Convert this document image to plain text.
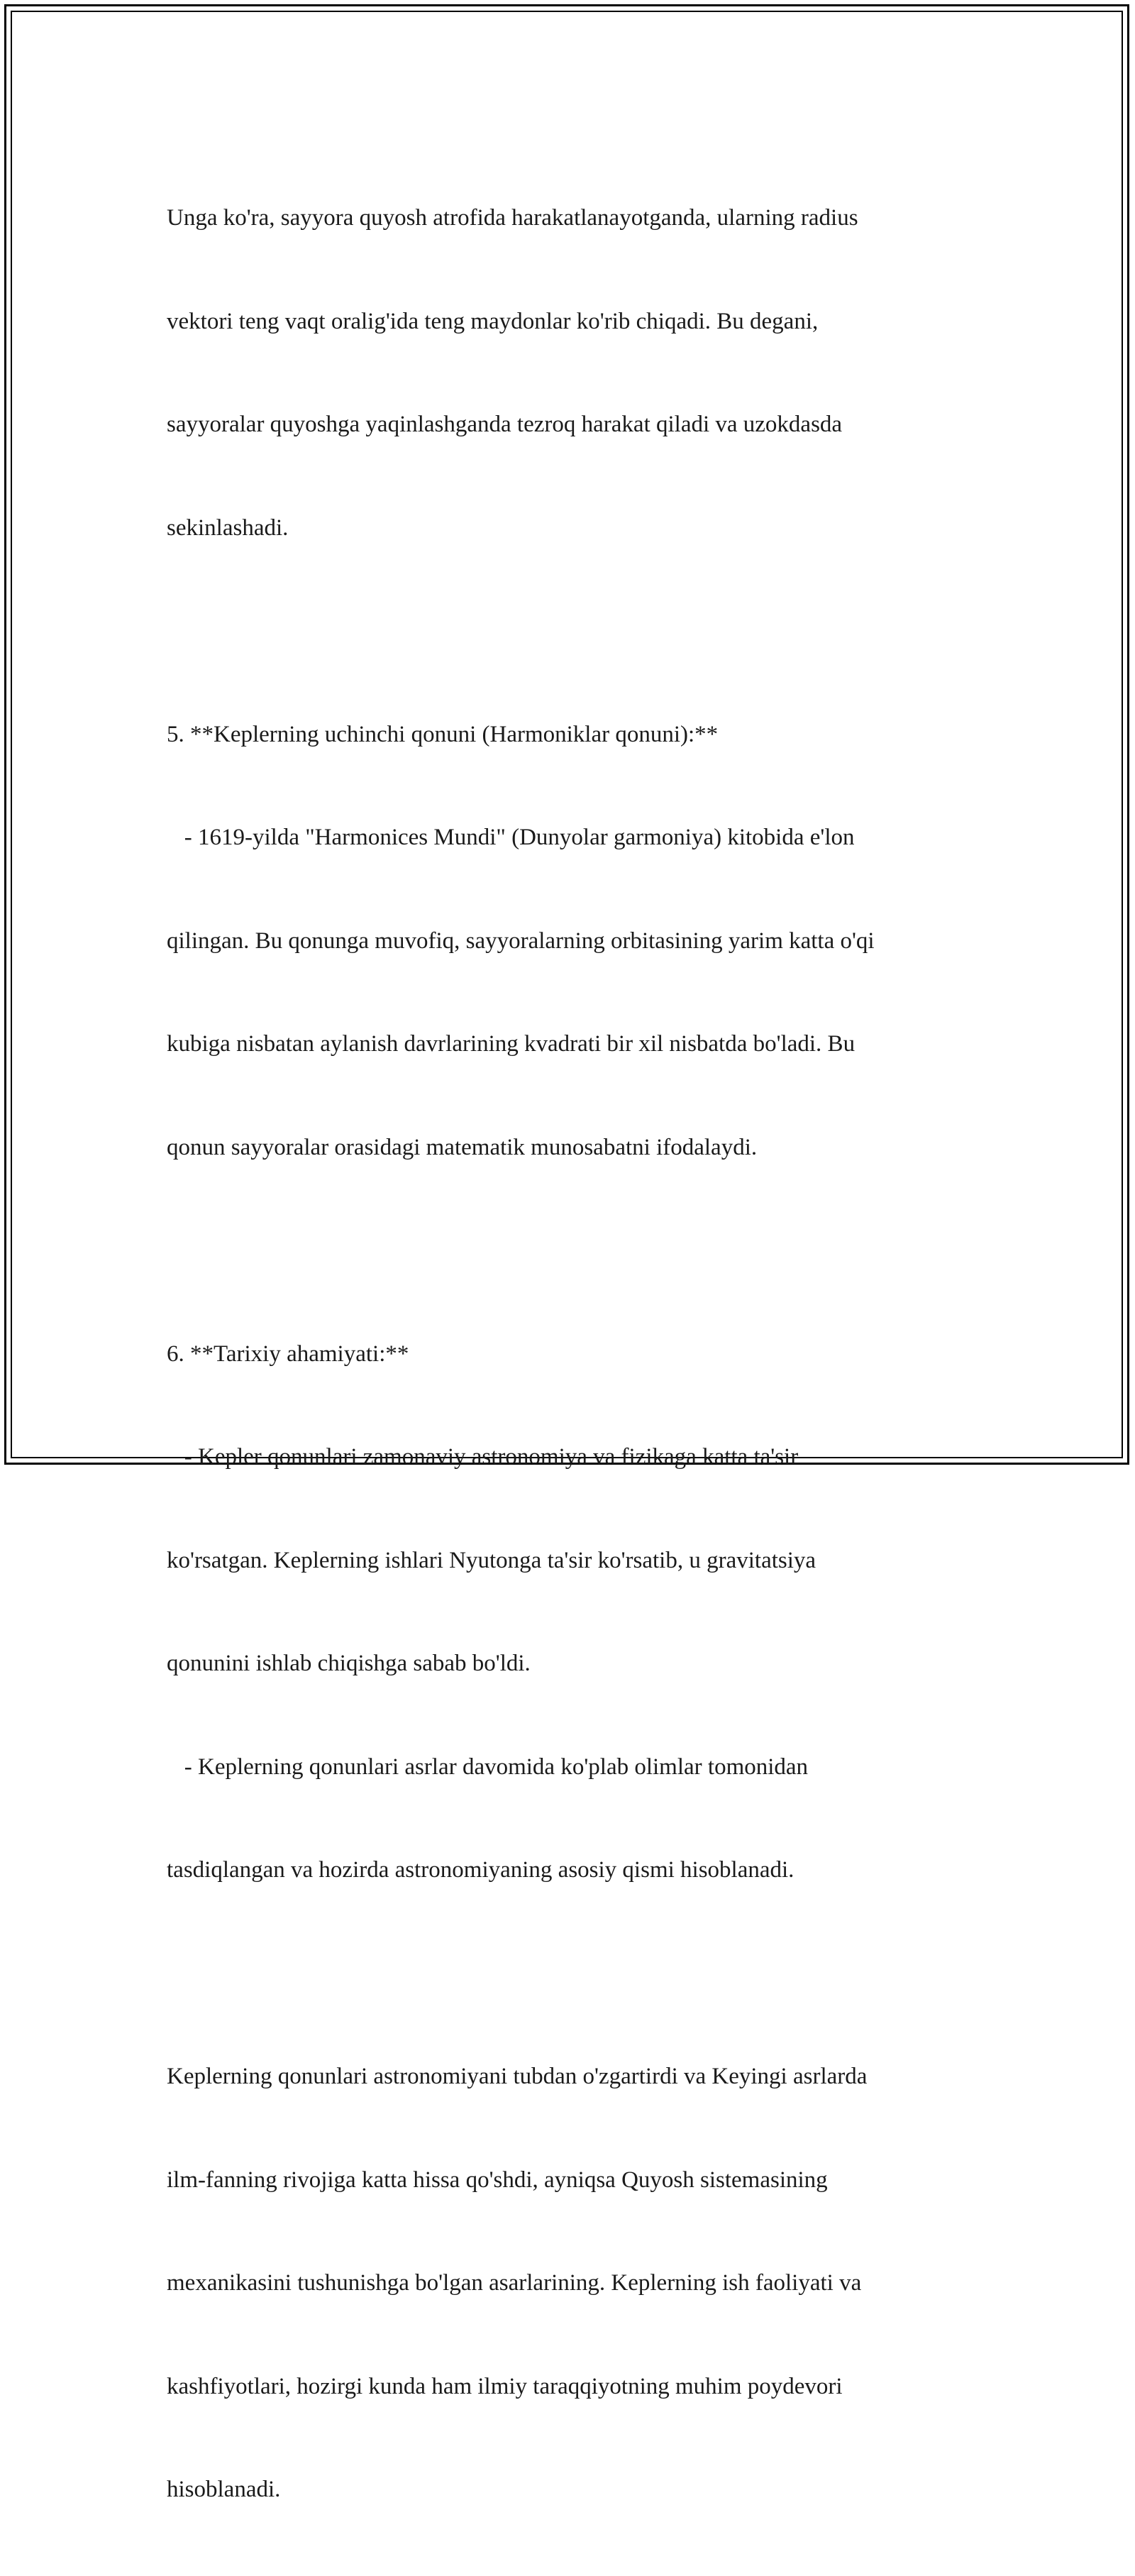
Unga ko'ra, sayyora quyosh atrofida harakatlanayotganda, ularning radius

vektori teng vaqt oralig'ida teng maydonlar ko'rib chiqadi. Bu degani,

sayyoralar quyoshga yaqinlashganda tezroq harakat qiladi va uzokdasda

sekinlashadi.

5. **Keplerning uchinchi qonuni (Harmoniklar qonuni):**

- 1619-yilda "Harmonices Mundi" (Dunyolar garmoniya) kitobida e'lon

qilingan. Bu qonunga muvofiq, sayyoralarning orbitasining yarim katta o'qi

kubiga nisbatan aylanish davrlarining kvadrati bir xil nisbatda bo'ladi. Bu

qonun sayyoralar orasidagi matematik munosabatni ifodalaydi.

6. **Tarixiy ahamiyati:**

- Kepler qonunlari zamonaviy astronomiya va fizikaga katta ta'sir

ko'rsatgan. Keplerning ishlari Nyutonga ta'sir ko'rsatib, u gravitatsiya

qonunini ishlab chiqishga sabab bo'ldi.

- Keplerning qonunlari asrlar davomida ko'plab olimlar tomonidan

tasdiqlangan va hozirda astronomiyaning asosiy qismi hisoblanadi.

Keplerning qonunlari astronomiyani tubdan o'zgartirdi va Keyingi asrlarda

ilm-fanning rivojiga katta hissa qo'shdi, ayniqsa Quyosh sistemasining

mexanikasini tushunishga bo'lgan asarlarining. Keplerning ish faoliyati va

kashfiyotlari, hozirgi kunda ham ilmiy taraqqiyotning muhim poydevori

hisoblanadi.
